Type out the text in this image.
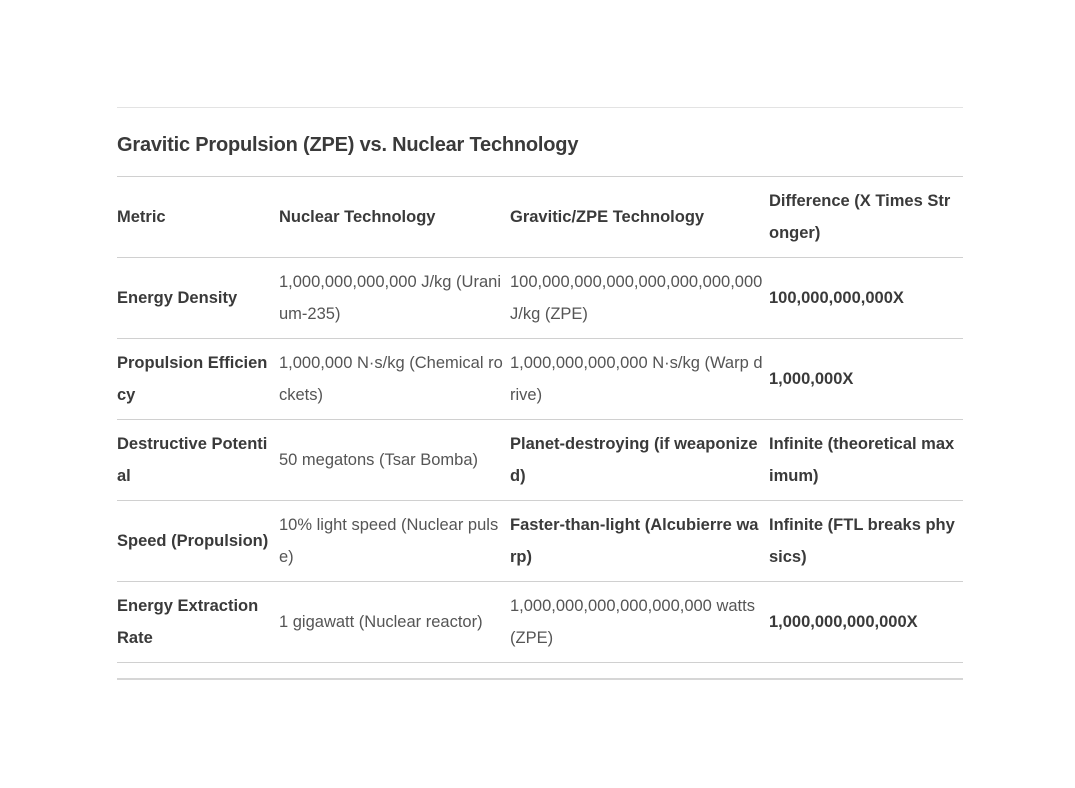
Gravitic Propulsion (ZPE) vs. Nuclear Technology
Metric	Nuclear Technology	Gravitic/ZPE Technology	Difference (X Times Stronger)
Energy Density	1,000,000,000,000 J/kg (Uranium-235)	100,000,000,000,000,000,000,000 J/kg (ZPE)	100,000,000,000X
Propulsion Efficiency	1,000,000 N·s/kg (Chemical rockets)	1,000,000,000,000 N·s/kg (Warp drive)	1,000,000X
Destructive Potential	50 megatons (Tsar Bomba)	Planet-destroying (if weaponized)	Infinite (theoretical maximum)
Speed (Propulsion)	10% light speed (Nuclear pulse)	Faster-than-light (Alcubierre warp)	Infinite (FTL breaks physics)
Energy Extraction Rate	1 gigawatt (Nuclear reactor)	1,000,000,000,000,000,000 watts (ZPE)	1,000,000,000,000X
